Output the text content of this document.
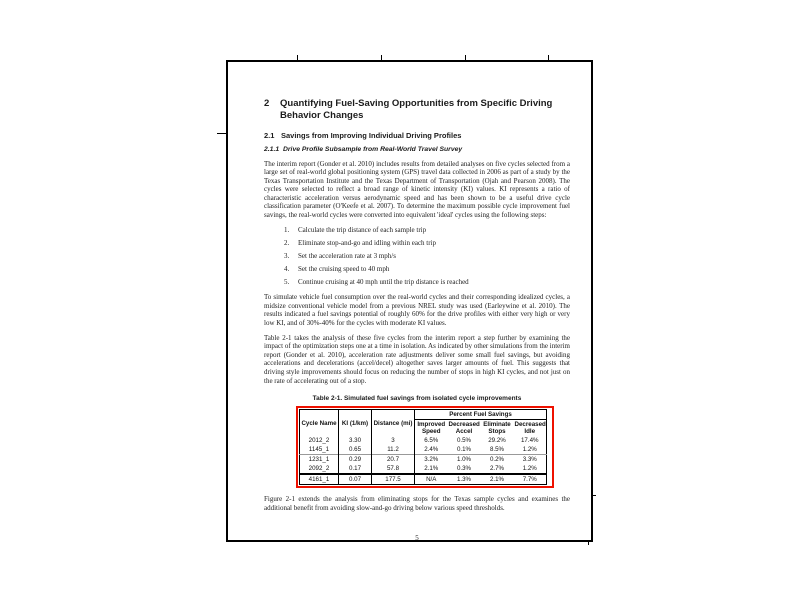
2 Quantifying Fuel-Saving Opportunities from Specific Driving Behavior Changes
2.1 Savings from Improving Individual Driving Profiles
2.1.1 Drive Profile Subsample from Real-World Travel Survey

The interim report (Gonder et al. 2010) includes results from detailed analyses on five cycles selected from a large set of real-world global positioning system (GPS) travel data collected in 2006 as part of a study by the Texas Transportation Institute and the Texas Department of Transportation (Ojah and Pearson 2008). The cycles were selected to reflect a broad range of kinetic intensity (KI) values. KI represents a ratio of characteristic acceleration versus aerodynamic speed and has been shown to be a useful drive cycle classification parameter (O'Keefe et al. 2007). To determine the maximum possible cycle improvement fuel savings, the real-world cycles were converted into equivalent 'ideal' cycles using the following steps:

1. Calculate the trip distance of each sample trip
2. Eliminate stop-and-go and idling within each trip
3. Set the acceleration rate at 3 mph/s
4. Set the cruising speed to 40 mph
5. Continue cruising at 40 mph until the trip distance is reached

To simulate vehicle fuel consumption over the real-world cycles and their corresponding idealized cycles, a midsize conventional vehicle model from a previous NREL study was used (Earleywine et al. 2010). The results indicated a fuel savings potential of roughly 60% for the drive profiles with either very high or very low KI, and of 30%-40% for the cycles with moderate KI values.

Table 2-1 takes the analysis of these five cycles from the interim report a step further by examining the impact of the optimization steps one at a time in isolation. As indicated by other simulations from the interim report (Gonder et al. 2010), acceleration rate adjustments deliver some small fuel savings, but avoiding accelerations and decelerations (accel/decel) altogether saves larger amounts of fuel. This suggests that driving style improvements should focus on reducing the number of stops in high KI cycles, and not just on the rate of accelerating out of a stop.

Table 2-1. Simulated fuel savings from isolated cycle improvements
Cycle Name	KI (1/km)	Distance (mi)	Percent Fuel Savings			
			Improved Speed	Decreased Accel	Eliminate Stops	Decreased Idle
2012_2	3.30	3	6.5%	0.5%	29.2%	17.4%
1145_1	0.65	11.2	2.4%	0.1%	8.5%	1.2%
1231_1	0.29	20.7	3.2%	1.0%	0.2%	3.3%
2092_2	0.17	57.8	2.1%	0.3%	2.7%	1.2%
4161_1	0.07	177.5	N/A	1.3%	2.1%	7.7%

Figure 2-1 extends the analysis from eliminating stops for the Texas sample cycles and examines the additional benefit from avoiding slow-and-go driving below various speed thresholds.

5
